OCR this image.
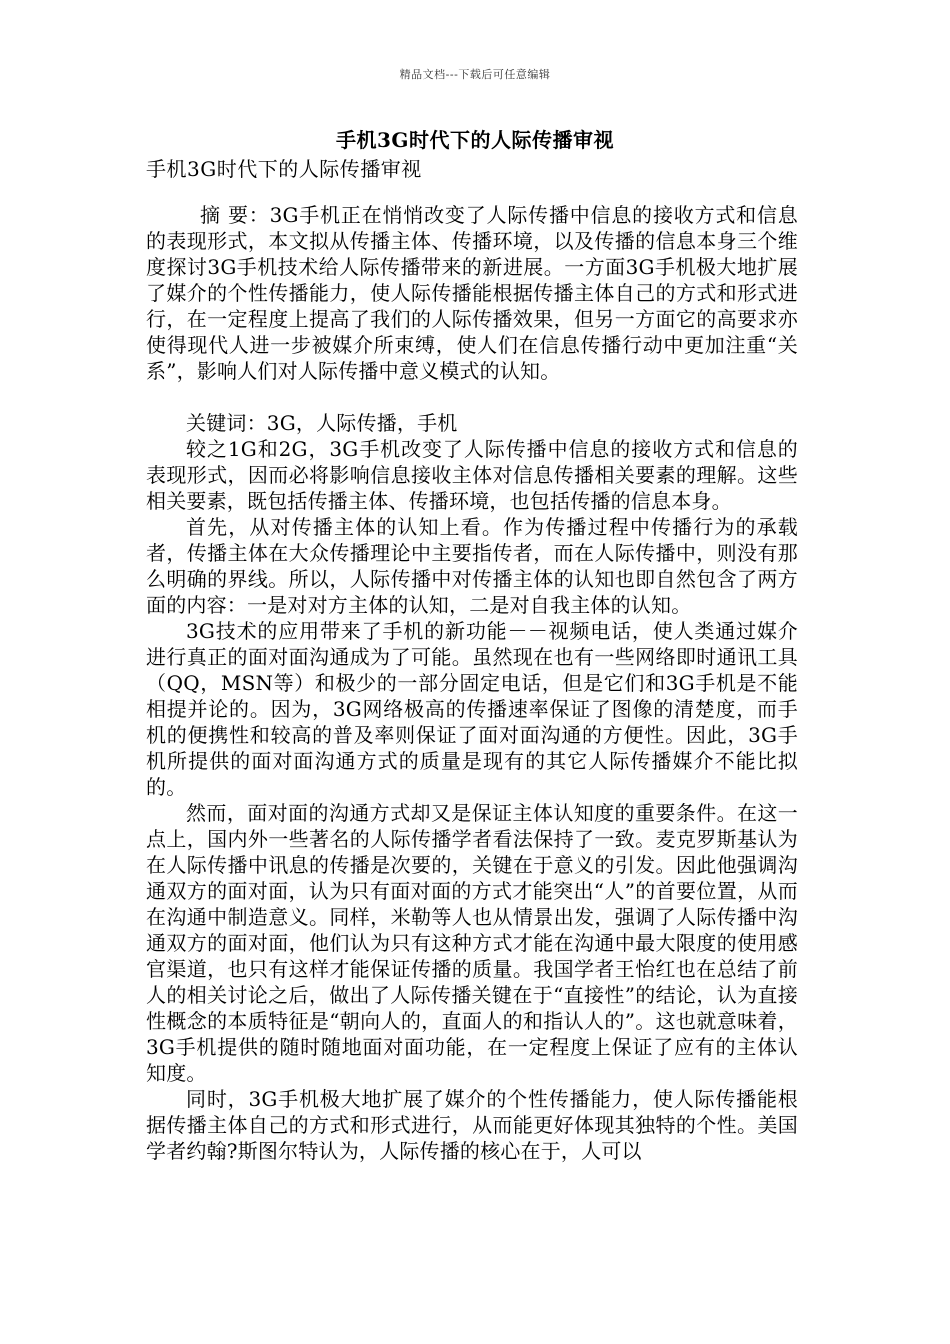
精品文档---下载后可任意编辑
手机3G时代下的人际传播审视
手机3G时代下的人际传播审视

摘 要：3G手机正在悄悄改变了人际传播中信息的接收方式和信息的表现形式，本文拟从传播主体、传播环境，以及传播的信息本身三个维度探讨3G手机技术给人际传播带来的新进展。一方面3G手机极大地扩展了媒介的个性传播能力，使人际传播能根据传播主体自己的方式和形式进行，在一定程度上提高了我们的人际传播效果，但另一方面它的高要求亦使得现代人进一步被媒介所束缚，使人们在信息传播行动中更加注重“关系”，影响人们对人际传播中意义模式的认知。

关键词：3G，人际传播，手机

较之1G和2G，3G手机改变了人际传播中信息的接收方式和信息的表现形式，因而必将影响信息接收主体对信息传播相关要素的理解。这些相关要素，既包括传播主体、传播环境，也包括传播的信息本身。

首先，从对传播主体的认知上看。作为传播过程中传播行为的承载者，传播主体在大众传播理论中主要指传者，而在人际传播中，则没有那么明确的界线。所以，人际传播中对传播主体的认知也即自然包含了两方面的内容：一是对对方主体的认知，二是对自我主体的认知。

3G技术的应用带来了手机的新功能－－视频电话，使人类通过媒介进行真正的面对面沟通成为了可能。虽然现在也有一些网络即时通讯工具（QQ，MSN等）和极少的一部分固定电话，但是它们和3G手机是不能相提并论的。因为，3G网络极高的传播速率保证了图像的清楚度，而手机的便携性和较高的普及率则保证了面对面沟通的方便性。因此，3G手机所提供的面对面沟通方式的质量是现有的其它人际传播媒介不能比拟的。

然而，面对面的沟通方式却又是保证主体认知度的重要条件。在这一点上，国内外一些著名的人际传播学者看法保持了一致。麦克罗斯基认为在人际传播中讯息的传播是次要的，关键在于意义的引发。因此他强调沟通双方的面对面，认为只有面对面的方式才能突出“人”的首要位置，从而在沟通中制造意义。同样，米勒等人也从情景出发，强调了人际传播中沟通双方的面对面，他们认为只有这种方式才能在沟通中最大限度的使用感官渠道，也只有这样才能保证传播的质量。我国学者王怡红也在总结了前人的相关讨论之后，做出了人际传播关键在于“直接性”的结论，认为直接性概念的本质特征是“朝向人的，直面人的和指认人的”。这也就意味着，3G手机提供的随时随地面对面功能，在一定程度上保证了应有的主体认知度。

同时，3G手机极大地扩展了媒介的个性传播能力，使人际传播能根据传播主体自己的方式和形式进行，从而能更好体现其独特的个性。美国学者约翰?斯图尔特认为，人际传播的核心在于，人可以
